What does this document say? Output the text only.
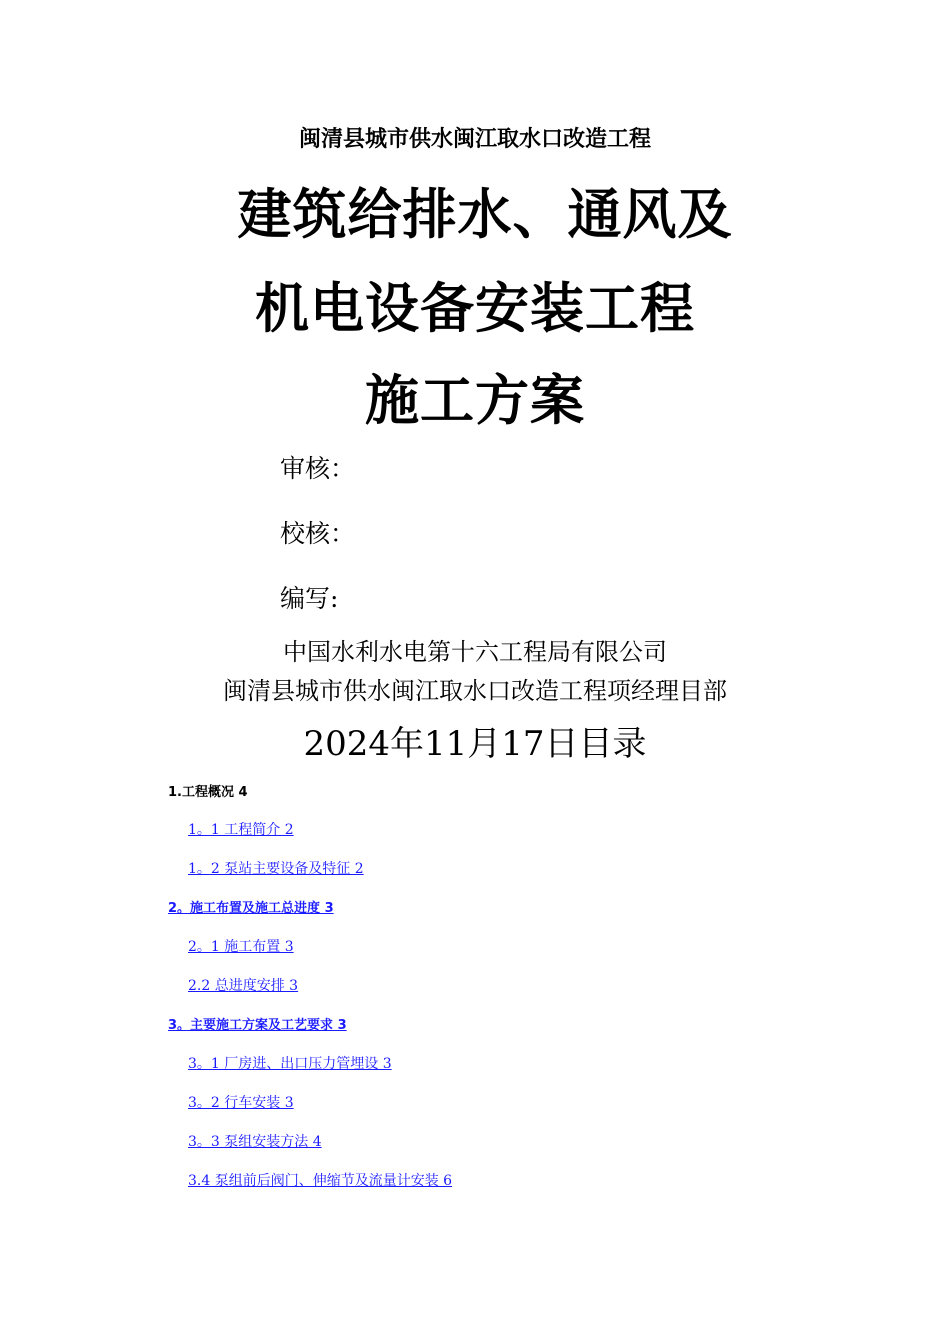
闽清县城市供水闽江取水口改造工程
建筑给排水、通风及
机电设备安装工程
施工方案
审核：
校核：
编写:
中国水利水电第十六工程局有限公司
闽清县城市供水闽江取水口改造工程项经理目部
2024年11月17日目录
1.工程概况 4
1。1 工程简介 2
1。2 泵站主要设备及特征 2
2。施工布置及施工总进度 3
2。1 施工布置 3
2.2 总进度安排 3
3。主要施工方案及工艺要求 3
3。1 厂房进、出口压力管埋设 3
3。2 行车安装 3
3。3 泵组安装方法 4
3.4 泵组前后阀门、伸缩节及流量计安装 6
